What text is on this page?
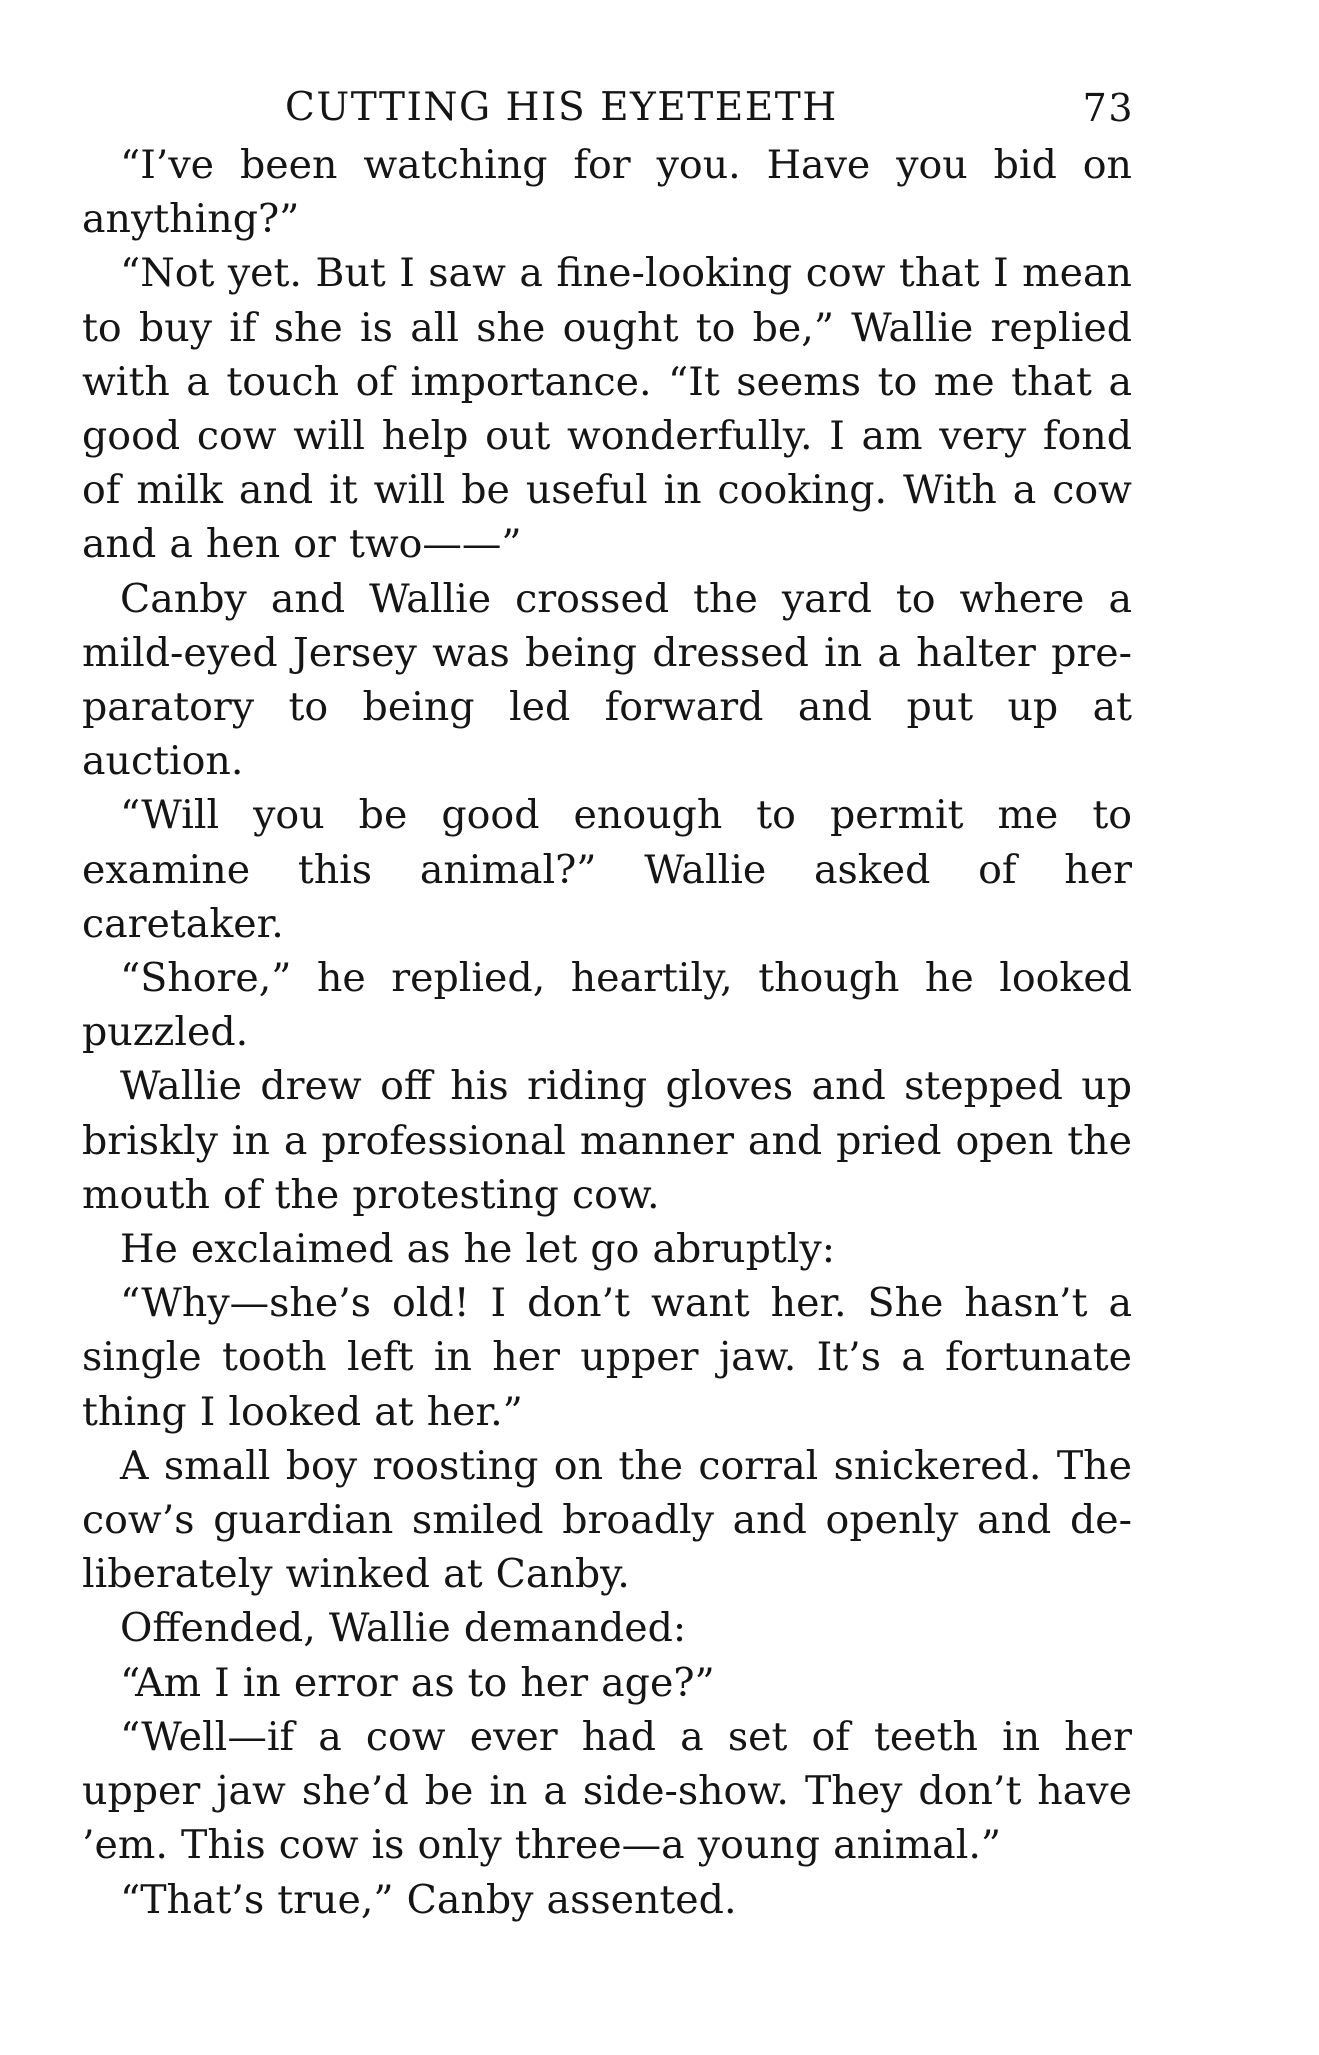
CUTTING HIS EYETEETH	73

“I’ve been watching for you. Have you bid on anything?”

“Not yet. But I saw a fine-looking cow that I mean to buy if she is all she ought to be,” Wallie replied with a touch of importance. “It seems to me that a good cow will help out wonderfully. I am very fond of milk and it will be useful in cooking. With a cow and a hen or two——”

Canby and Wallie crossed the yard to where a mild-eyed Jersey was being dressed in a halter preparatory to being led forward and put up at auction.

“Will you be good enough to permit me to examine this animal?” Wallie asked of her caretaker.

“Shore,” he replied, heartily, though he looked puzzled.

Wallie drew off his riding gloves and stepped up briskly in a professional manner and pried open the mouth of the protesting cow.

He exclaimed as he let go abruptly:

“Why—she’s old! I don’t want her. She hasn’t a single tooth left in her upper jaw. It’s a fortunate thing I looked at her.”

A small boy roosting on the corral snickered. The cow’s guardian smiled broadly and openly and deliberately winked at Canby.

Offended, Wallie demanded:

“Am I in error as to her age?”

“Well—if a cow ever had a set of teeth in her upper jaw she’d be in a side-show. They don’t have ’em. This cow is only three—a young animal.”

“That’s true,” Canby assented.
